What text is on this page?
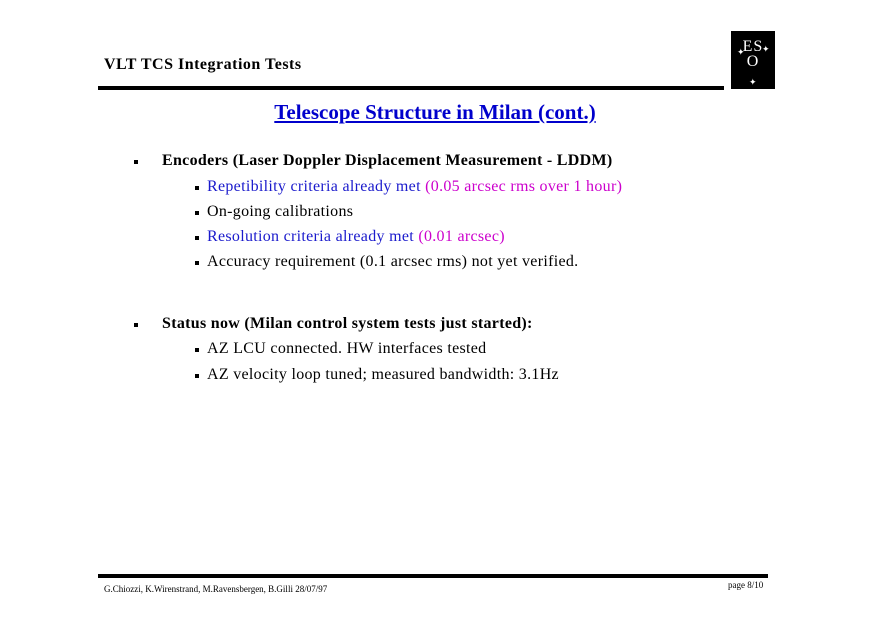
VLT TCS Integration Tests
✦ ✦
✦
ES
O
Telescope Structure in Milan (cont.)
Encoders (Laser Doppler Displacement Measurement - LDDM)
Repetibility criteria already met (0.05 arcsec rms over 1 hour)
On-going calibrations
Resolution criteria already met (0.01 arcsec)
Accuracy requirement (0.1 arcsec rms) not yet verified.
Status now (Milan control system tests just started):
AZ LCU connected. HW interfaces tested
AZ velocity loop tuned; measured bandwidth: 3.1Hz
G.Chiozzi, K.Wirenstrand, M.Ravensbergen, B.Gilli 28/07/97	page 8/10
